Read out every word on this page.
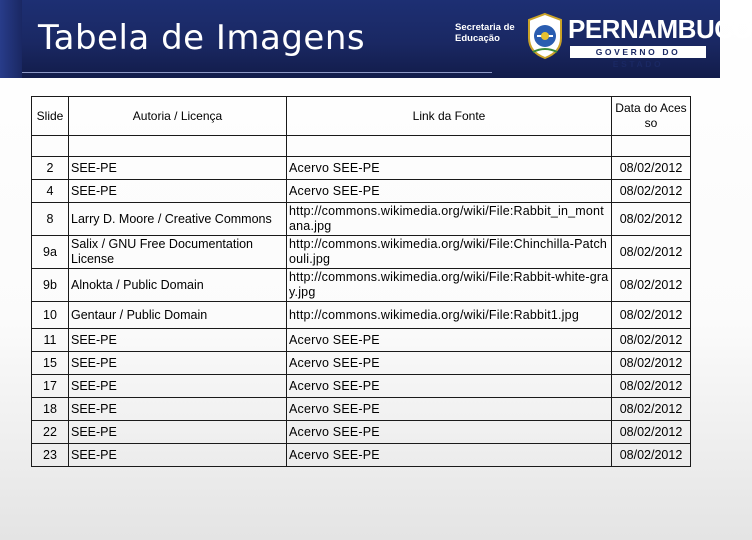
Tabela de Imagens	Secretaria de
Educação	PERNAMBUCO
GOVERNO DO ESTADO
Slide	Autoria / Licença	Link da Fonte	Data do Acesso

2	SEE-PE	Acervo SEE-PE	08/02/2012
4	SEE-PE	Acervo SEE-PE	08/02/2012
8	Larry D. Moore / Creative Commons	http://commons.wikimedia.org/wiki/File:Rabbit_in_montana.jpg	08/02/2012
9a	Salix / GNU Free Documentation License	http://commons.wikimedia.org/wiki/File:Chinchilla-Patchouli.jpg	08/02/2012
9b	Alnokta / Public Domain	http://commons.wikimedia.org/wiki/File:Rabbit-white-gray.jpg	08/02/2012
10	Gentaur / Public Domain	http://commons.wikimedia.org/wiki/File:Rabbit1.jpg	08/02/2012
11	SEE-PE	Acervo SEE-PE	08/02/2012
15	SEE-PE	Acervo SEE-PE	08/02/2012
17	SEE-PE	Acervo SEE-PE	08/02/2012
18	SEE-PE	Acervo SEE-PE	08/02/2012
22	SEE-PE	Acervo SEE-PE	08/02/2012
23	SEE-PE	Acervo SEE-PE	08/02/2012
